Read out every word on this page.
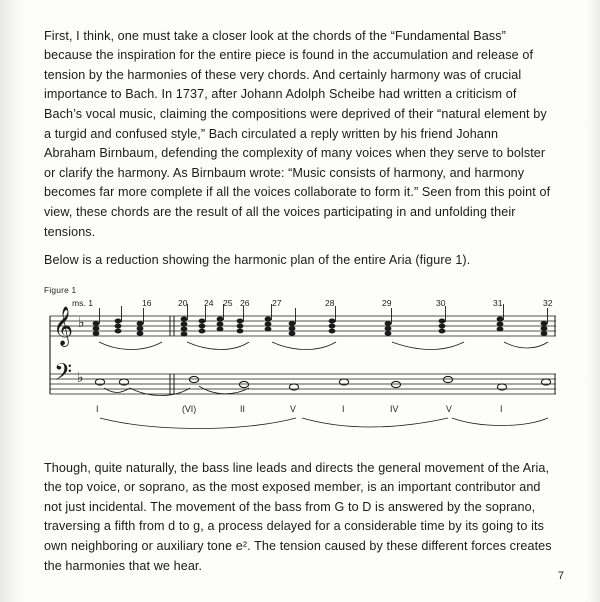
First, I think, one must take a closer look at the chords of the “Fundamental Bass” because the inspiration for the entire piece is found in the accumulation and release of tension by the harmonies of these very chords. And certainly harmony was of crucial importance to Bach. In 1737, after Johann Adolph Scheibe had written a criticism of Bach’s vocal music, claiming the compositions were deprived of their “natural element by a turgid and confused style,” Bach circulated a reply written by his friend Johann Abraham Birnbaum, defending the complexity of many voices when they serve to bolster or clarify the harmony. As Birnbaum wrote: “Music consists of harmony, and harmony becomes far more complete if all the voices collaborate to form it.” Seen from this point of view, these chords are the result of all the voices participating in and unfolding their tensions.

Below is a reduction showing the harmonic plan of the entire Aria (figure 1).

Figure 1
ms. 1	16	20 24 25 26	27	28	29	30	31	32
𝄞
𝄢
♭
♭
I	(VI)	II	V	I	IV	V	I

Though, quite naturally, the bass line leads and directs the general movement of the Aria, the top voice, or soprano, as the most exposed member, is an important contributor and not just incidental. The movement of the bass from G to D is answered by the soprano, traversing a fifth from d to g, a process delayed for a considerable time by its going to its own neighboring or auxiliary tone e². The tension caused by these different forces creates the harmonies that we hear.

7
